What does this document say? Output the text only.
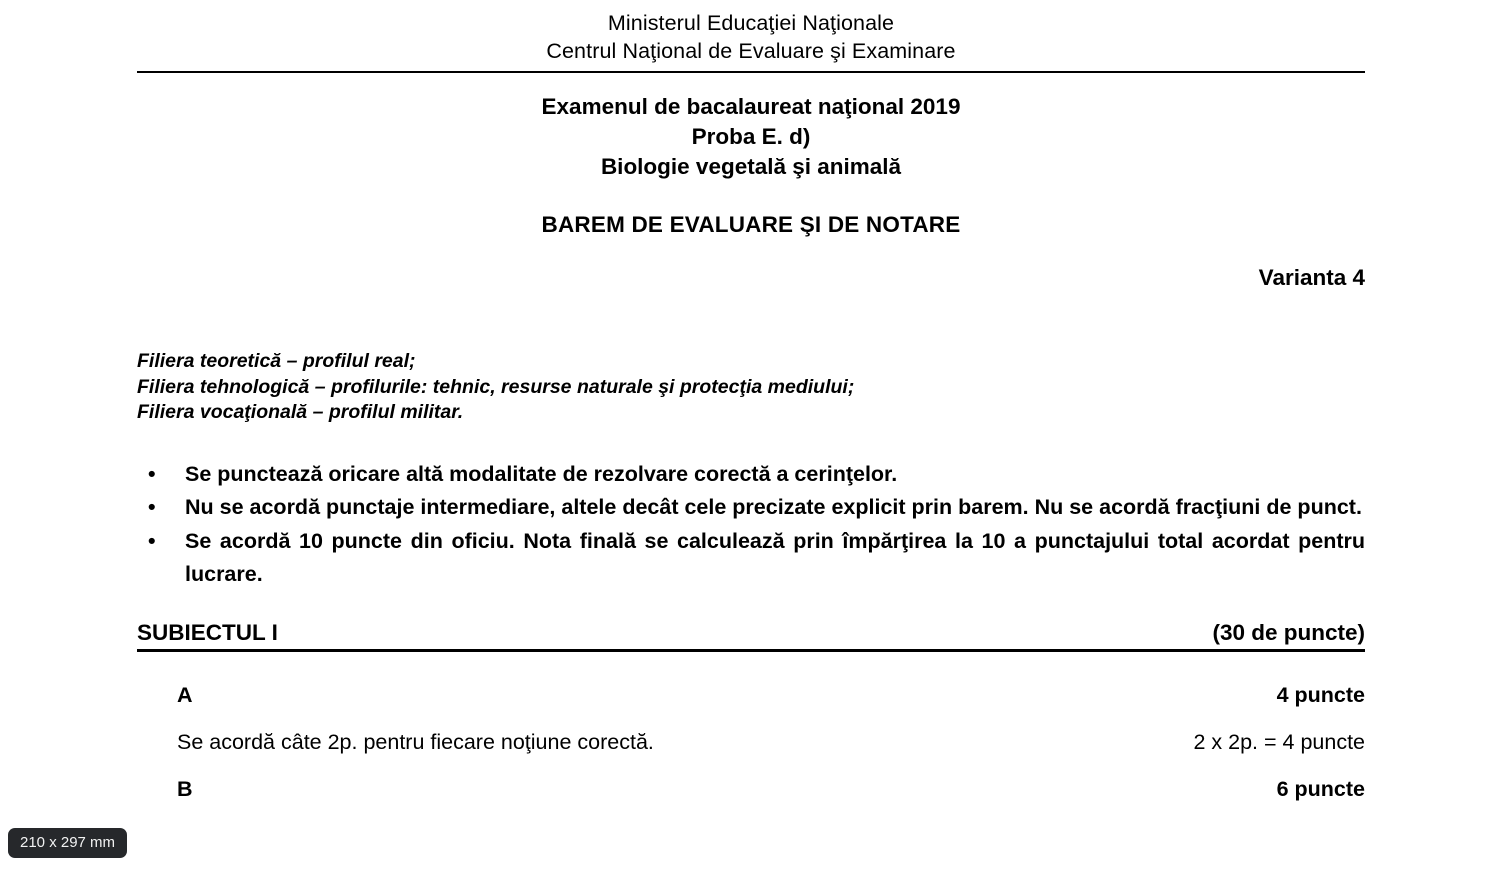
Ministerul Educaţiei Naţionale
Centrul Naţional de Evaluare şi Examinare
Examenul de bacalaureat naţional 2019
Proba E. d)
Biologie vegetală şi animală
BAREM DE EVALUARE ŞI DE NOTARE
Varianta 4
Filiera teoretică – profilul real;
Filiera tehnologică – profilurile: tehnic, resurse naturale şi protecţia mediului;
Filiera vocaţională – profilul militar.
• Se punctează oricare altă modalitate de rezolvare corectă a cerinţelor.
• Nu se acordă punctaje intermediare, altele decât cele precizate explicit prin barem. Nu se acordă fracţiuni de punct.
• Se acordă 10 puncte din oficiu. Nota finală se calculează prin împărţirea la 10 a punctajului total acordat pentru lucrare.
SUBIECTUL I	(30 de puncte)
A	4 puncte
Se acordă câte 2p. pentru fiecare noţiune corectă.	2 x 2p. = 4 puncte
B	6 puncte
210 x 297 mm
